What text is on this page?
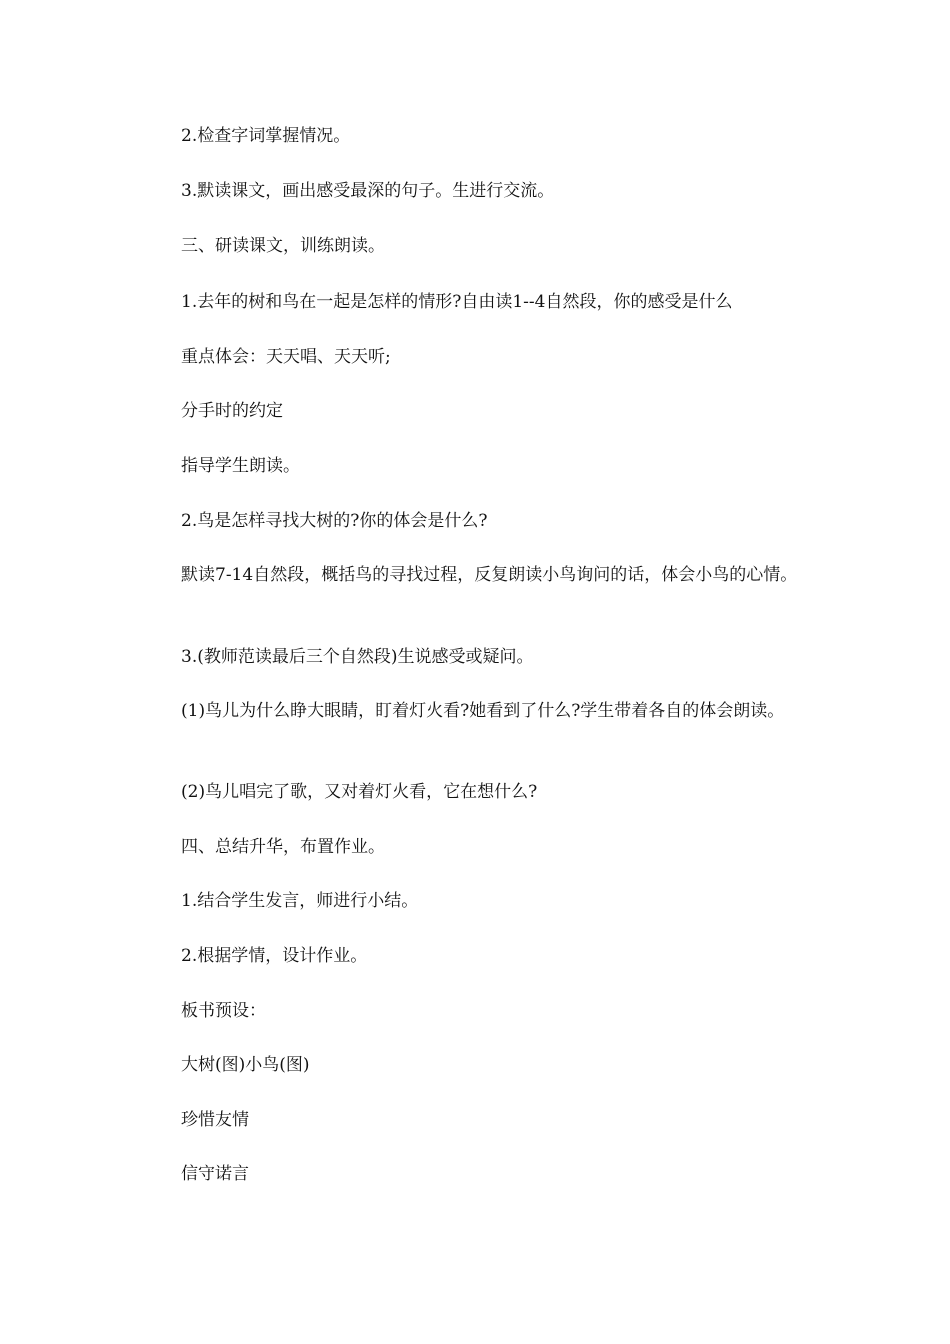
2.检查字词掌握情况。

3.默读课文，画出感受最深的句子。生进行交流。

三、研读课文，训练朗读。

1.去年的树和鸟在一起是怎样的情形?自由读1--4自然段，你的感受是什么

重点体会：天天唱、天天听;

分手时的约定

指导学生朗读。

2.鸟是怎样寻找大树的?你的体会是什么?

默读7-14自然段，概括鸟的寻找过程，反复朗读小鸟询问的话，体会小鸟的心情。

3.(教师范读最后三个自然段)生说感受或疑问。

(1)鸟儿为什么睁大眼睛，盯着灯火看?她看到了什么?学生带着各自的体会朗读。

(2)鸟儿唱完了歌，又对着灯火看，它在想什么?

四、总结升华，布置作业。

1.结合学生发言，师进行小结。

2.根据学情，设计作业。

板书预设：

大树(图)小鸟(图)

珍惜友情

信守诺言
